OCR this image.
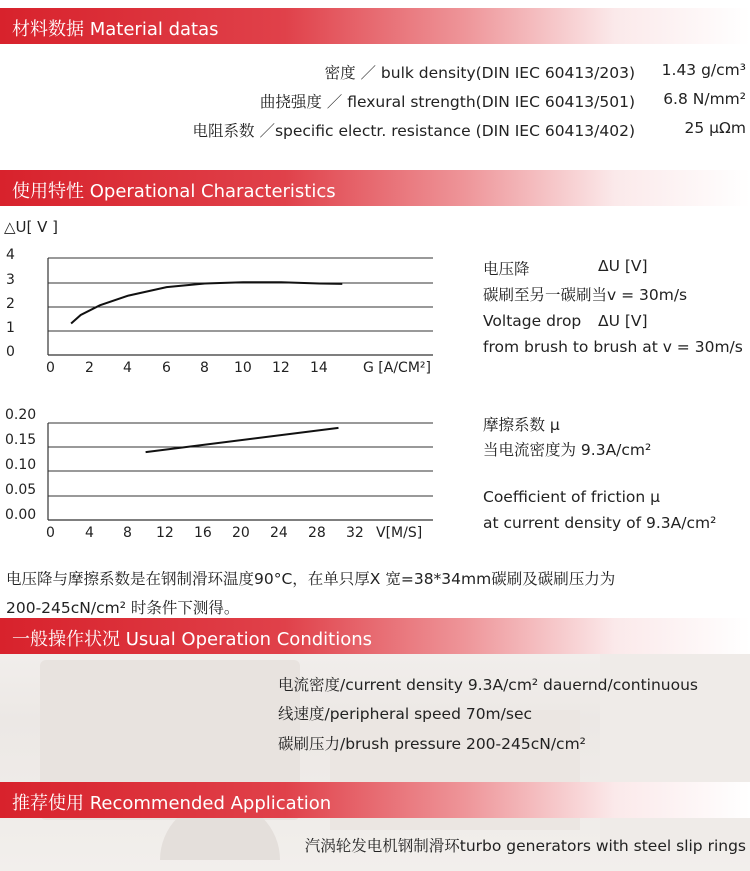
材料数据 Material datas
密度 ／ bulk density(DIN IEC 60413/203) 1.43 g/cm³
曲挠强度 ／ flexural strength(DIN IEC 60413/501) 6.8 N/mm²
电阻系数 ／specific electr. resistance (DIN IEC 60413/402)	25 μΩm
使用特性 Operational Characteristics
△U[ V ]
4
3
2
1
0
0 2 4 6 8 10 12 14	G [A/CM²]
电压降	ΔU [V]
碳刷至另一碳刷当v = 30m/s
Voltage drop ΔU [V]
from brush to brush at v = 30m/s
0.20
0.15
0.10
0.05
0.00
0 4 8 12 16 20 24 28 32 V[M/S]
摩擦系数 μ
当电流密度为 9.3A/cm²
Coefficient of friction μ
at current density of 9.3A/cm²
电压降与摩擦系数是在钢制滑环温度90°C，在单只厚X 宽=38*34mm碳刷及碳刷压力为
200-245cN/cm² 时条件下测得。
一般操作状况 Usual Operation Conditions
电流密度/current density 9.3A/cm² dauernd/continuous
线速度/peripheral speed 70m/sec
碳刷压力/brush pressure 200-245cN/cm²
推荐使用 Recommended Application
汽涡轮发电机钢制滑环turbo generators with steel slip rings
